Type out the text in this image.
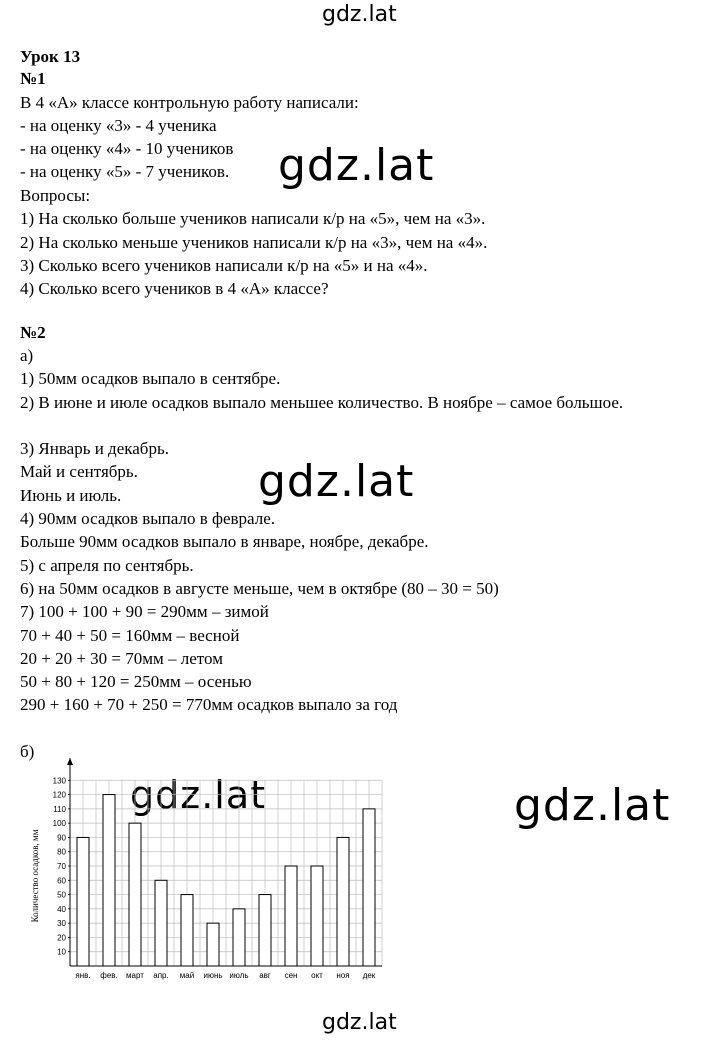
gdz.lat
gdz.lat
gdz.lat
gdz.lat	gdz.lat
gdz.lat
Урок 13
№1
В 4 «А» классе контрольную работу написали:
- на оценку «3» - 4 ученика
- на оценку «4» - 10 учеников
- на оценку «5» - 7 учеников.
Вопросы:
1) На сколько больше учеников написали к/р на «5», чем на «3».
2) На сколько меньше учеников написали к/р на «3», чем на «4».
3) Сколько всего учеников написали к/р на «5» и на «4».
4) Сколько всего учеников в 4 «А» классе?
№2
а)
1) 50мм осадков выпало в сентябре.
2) В июне и июле осадков выпало меньшее количество. В ноябре – самое большое.
3) Январь и декабрь.
Май и сентябрь.
Июнь и июль.
4) 90мм осадков выпало в феврале.
Больше 90мм осадков выпало в январе, ноябре, декабре.
5) с апреля по сентябрь.
6) на 50мм осадков в августе меньше, чем в октябре (80 – 30 = 50)
7) 100 + 100 + 90 = 290мм – зимой
70 + 40 + 50 = 160мм – весной
20 + 20 + 30 = 70мм – летом
50 + 80 + 120 = 250мм – осенью
290 + 160 + 70 + 250 = 770мм осадков выпало за год
б)
10
20
30
40
50
60
70
80
90
100
110
120
130
янв. фев. март апр. май июнь июль авг сен окт ноя дек
Количество осадков, мм
